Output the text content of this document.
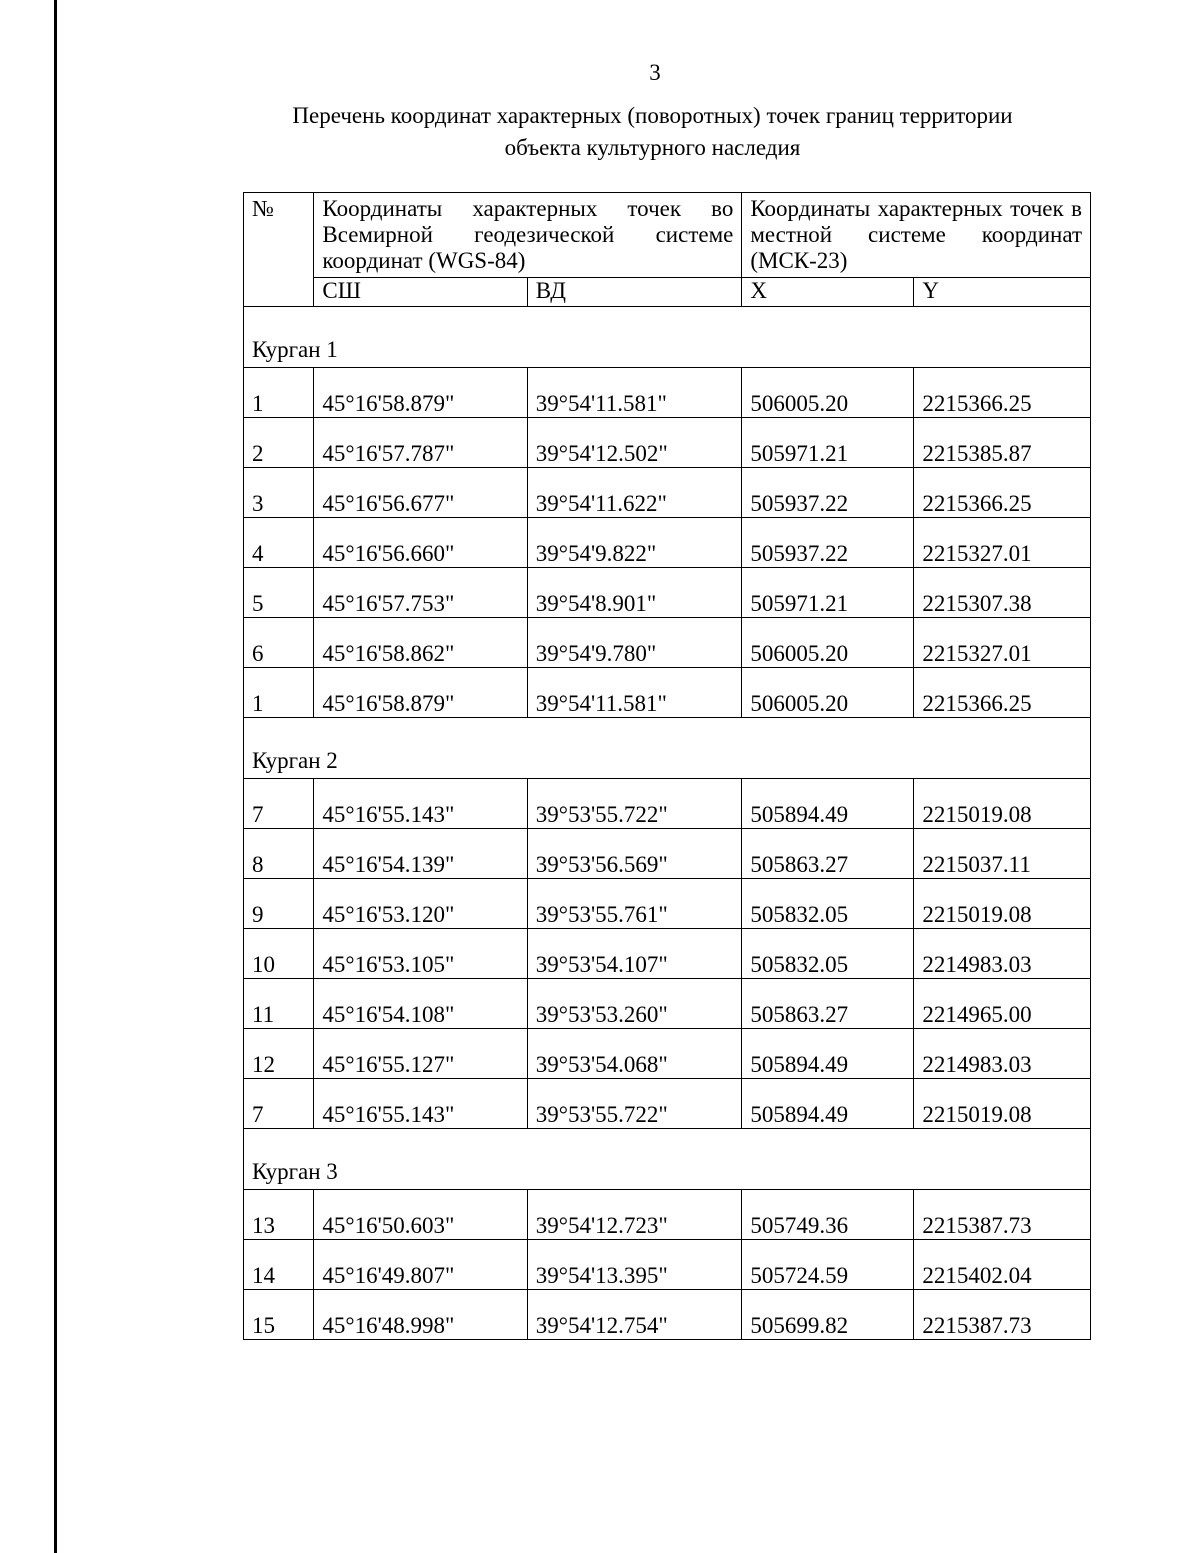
3
Перечень координат характерных (поворотных) точек границ территории
объекта культурного наследия
№	Координаты характерных точек во Всемирной геодезической системе координат (WGS-84)		Координаты характерных точек в местной системе координат (МСК-23)	
	СШ	ВД	X	Y
Курган 1				
1	45°16'58.879"	39°54'11.581"	506005.20	2215366.25
2	45°16'57.787"	39°54'12.502"	505971.21	2215385.87
3	45°16'56.677"	39°54'11.622"	505937.22	2215366.25
4	45°16'56.660"	39°54'9.822"	505937.22	2215327.01
5	45°16'57.753"	39°54'8.901"	505971.21	2215307.38
6	45°16'58.862"	39°54'9.780"	506005.20	2215327.01
1	45°16'58.879"	39°54'11.581"	506005.20	2215366.25
Курган 2				
7	45°16'55.143"	39°53'55.722"	505894.49	2215019.08
8	45°16'54.139"	39°53'56.569"	505863.27	2215037.11
9	45°16'53.120"	39°53'55.761"	505832.05	2215019.08
10	45°16'53.105"	39°53'54.107"	505832.05	2214983.03
11	45°16'54.108"	39°53'53.260"	505863.27	2214965.00
12	45°16'55.127"	39°53'54.068"	505894.49	2214983.03
7	45°16'55.143"	39°53'55.722"	505894.49	2215019.08
Курган 3				
13	45°16'50.603"	39°54'12.723"	505749.36	2215387.73
14	45°16'49.807"	39°54'13.395"	505724.59	2215402.04
15	45°16'48.998"	39°54'12.754"	505699.82	2215387.73
